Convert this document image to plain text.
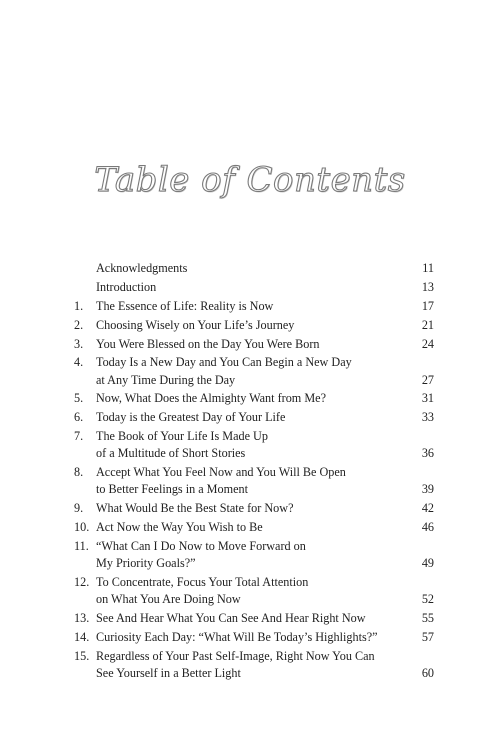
Table of Contents
Acknowledgments	11
Introduction	13
1.	The Essence of Life: Reality is Now	17
2.	Choosing Wisely on Your Life’s Journey	21
3.	You Were Blessed on the Day You Were Born	24
4.	Today Is a New Day and You Can Begin a New Day
at Any Time During the Day	27
5.	Now, What Does the Almighty Want from Me?	31
6.	Today is the Greatest Day of Your Life	33
7.	The Book of Your Life Is Made Up
of a Multitude of Short Stories	36
8.	Accept What You Feel Now and You Will Be Open
to Better Feelings in a Moment	39
9.	What Would Be the Best State for Now?	42
10. Act Now the Way You Wish to Be	46
11. “What Can I Do Now to Move Forward on
My Priority Goals?”	49
12. To Concentrate, Focus Your Total Attention
on What You Are Doing Now	52
13. See And Hear What You Can See And Hear Right Now	55
14. Curiosity Each Day: “What Will Be Today’s Highlights?”	57
15. Regardless of Your Past Self-Image, Right Now You Can
See Yourself in a Better Light	60
